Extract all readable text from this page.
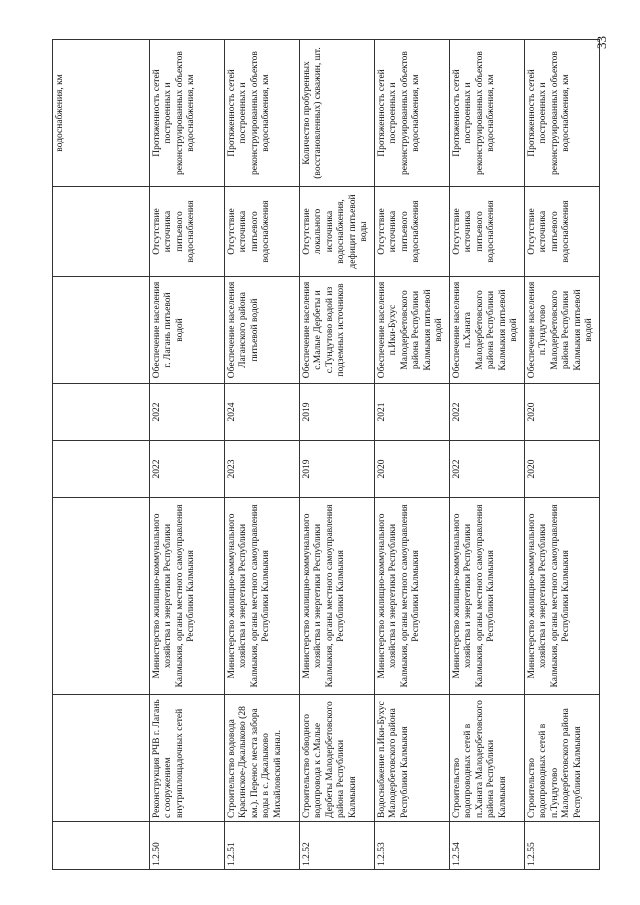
33
							водоснабжения, км
1.2.50	Реконструкция РЧВ г. Лагань с сооружением внутриплощадочных сетей	Министерство жилищно-коммунального хозяйства и энергетики Республики Калмыкия, органы местного самоуправления Республики Калмыкия	2022	2022	Обеспечение населения г. Лагань питьевой водой	Отсутствие источника питьевого водоснабжения	Протяженность сетей построенных и реконструированных объектов водоснабжения, км
1.2.51	Строительство водовода Красинское-Джалыково (28 км.). Перенос места забора воды в с. Джалыково Михайловский канал.	Министерство жилищно-коммунального хозяйства и энергетики Республики Калмыкия, органы местного самоуправления Республики Калмыкия	2023	2024	Обеспечение населения Лаганского района питьевой водой	Отсутствие источника питьевого водоснабжения	Протяженность сетей построенных и реконструированных объектов водоснабжения, км
1.2.52	Строительство обводного водопровода к с.Малые Дербеты Малодербетовского района Республики Калмыкия	Министерство жилищно-коммунального хозяйства и энергетики Республики Калмыкия, органы местного самоуправления Республики Калмыкия	2019	2019	Обеспечение населения с.Малые Дербеты и с.Тундутово водой из подземных источников	Отсутствие локального источника водоснабжения, дефицит питьевой воды	Количество пробуренных (восстановленных) скважин, шт.
1.2.53	Водоснабжение п.Ики-Бухус Малодербетовского района Республики Калмыкия	Министерство жилищно-коммунального хозяйства и энергетики Республики Калмыкия, органы местного самоуправления Республики Калмыкия	2020	2021	Обеспечение населения п.Ики-Бухус Малодербетовского района Республики Калмыкия питьевой водой	Отсутствие источника питьевого водоснабжения	Протяженность сетей построенных и реконструированных объектов водоснабжения, км
1.2.54	Строительство водопроводных сетей в п.Ханата Малодербетовского района Республики Калмыкия	Министерство жилищно-коммунального хозяйства и энергетики Республики Калмыкия, органы местного самоуправления Республики Калмыкия	2022	2022	Обеспечение населения п.Ханата Малодербетовского района Республики Калмыкия питьевой водой	Отсутствие источника питьевого водоснабжения	Протяженность сетей построенных и реконструированных объектов водоснабжения, км
1.2.55	Строительство водопроводных сетей в п.Тундутово Малодербетовского района Республики Калмыкия	Министерство жилищно-коммунального хозяйства и энергетики Республики Калмыкия, органы местного самоуправления Республики Калмыкия	2020	2020	Обеспечение населения п.Тундутово Малодербетовского района Республики Калмыкия питьевой водой	Отсутствие источника питьевого водоснабжения	Протяженность сетей построенных и реконструированных объектов водоснабжения, км
